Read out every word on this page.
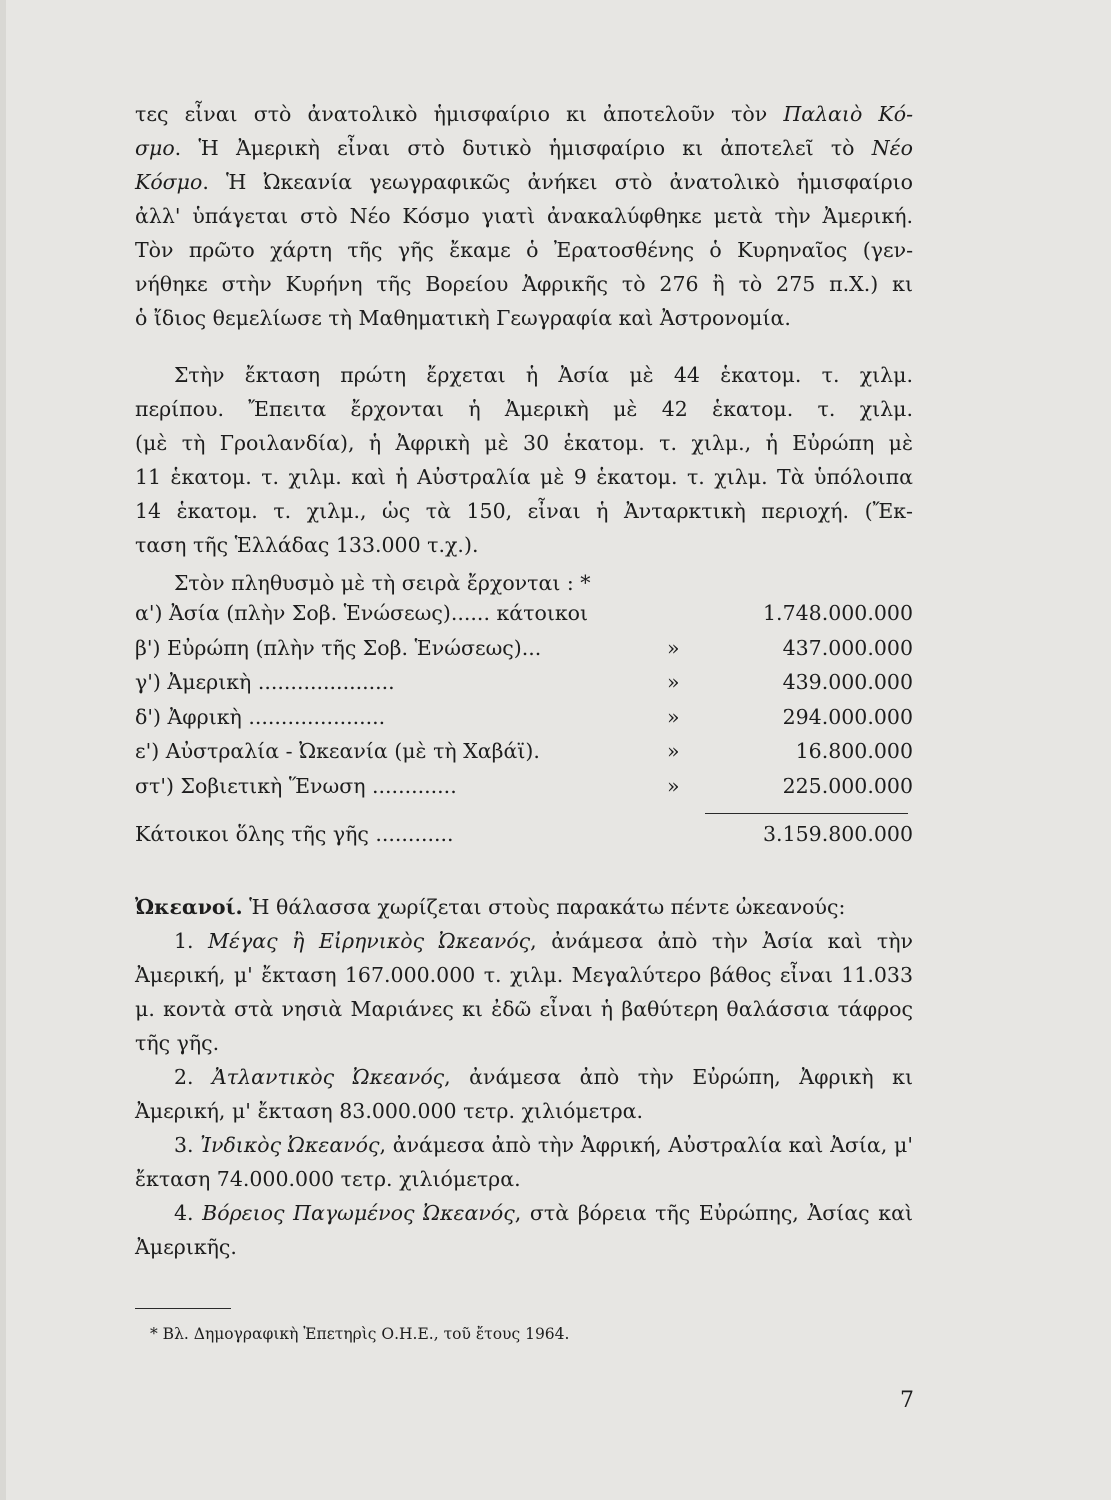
τες εἶναι στὸ ἀνατολικὸ ἡμισφαίριο κι ἀποτελοῦν τὸν Παλαιὸ Κό-

σμο. Ἡ Ἀμερικὴ εἶναι στὸ δυτικὸ ἡμισφαίριο κι ἀποτελεῖ τὸ Νέο

Κόσμο. Ἡ Ὠκεανία γεωγραφικῶς ἀνήκει στὸ ἀνατολικὸ ἡμισφαίριο

ἀλλ' ὑπάγεται στὸ Νέο Κόσμο γιατὶ ἀνακαλύφθηκε μετὰ τὴν Ἀμερική.

Τὸν πρῶτο χάρτη τῆς γῆς ἔκαμε ὁ Ἐρατοσθένης ὁ Κυρηναῖος (γεν-

νήθηκε στὴν Κυρήνη τῆς Βορείου Ἀφρικῆς τὸ 276 ἢ τὸ 275 π.Χ.) κι

ὁ ἴδιος θεμελίωσε τὴ Μαθηματικὴ Γεωγραφία καὶ Ἀστρονομία.

Στὴν ἔκταση πρώτη ἔρχεται ἡ Ἀσία μὲ 44 ἑκατομ. τ. χιλμ.

περίπου. Ἔπειτα ἔρχονται ἡ Ἀμερικὴ μὲ 42 ἑκατομ. τ. χιλμ.

(μὲ τὴ Γροιλανδία), ἡ Ἀφρικὴ μὲ 30 ἑκατομ. τ. χιλμ., ἡ Εὐρώπη μὲ

11 ἑκατομ. τ. χιλμ. καὶ ἡ Αὐστραλία μὲ 9 ἑκατομ. τ. χιλμ. Τὰ ὑπόλοιπα

14 ἑκατομ. τ. χιλμ., ὡς τὰ 150, εἶναι ἡ Ἀνταρκτικὴ περιοχή. (Ἔκ-

ταση τῆς Ἑλλάδας 133.000 τ.χ.).

Στὸν πληθυσμὸ μὲ τὴ σειρὰ ἔρχονται : *
α') Ἀσία (πλὴν Σοβ. Ἑνώσεως)...... κάτοικοι	1.748.000.000
β') Εὐρώπη (πλὴν τῆς Σοβ. Ἑνώσεως)...	»	437.000.000
γ') Ἀμερικὴ .....................	»	439.000.000
δ') Ἀφρικὴ .....................	»	294.000.000
ε') Αὐστραλία - Ὠκεανία (μὲ τὴ Χαβάϊ).	»	16.800.000
στ') Σοβιετικὴ Ἕνωση .............	»	225.000.000
Κάτοικοι ὅλης τῆς γῆς ............	3.159.800.000

Ὠκεανοί. Ἡ θάλασσα χωρίζεται στοὺς παρακάτω πέντε ὠκεανούς:

1. Μέγας ἢ Εἰρηνικὸς Ὠκεανός, ἀνάμεσα ἀπὸ τὴν Ἀσία καὶ τὴν Ἀμερική, μ' ἔκταση 167.000.000 τ. χιλμ. Μεγαλύτερο βάθος εἶναι 11.033 μ. κοντὰ στὰ νησιὰ Μαριάνες κι ἐδῶ εἶναι ἡ βαθύτερη θαλάσσια τάφρος τῆς γῆς.

2. Ἀτλαντικὸς Ὠκεανός, ἀνάμεσα ἀπὸ τὴν Εὐρώπη, Ἀφρικὴ κι Ἀμερική, μ' ἔκταση 83.000.000 τετρ. χιλιόμετρα.

3. Ἰνδικὸς Ὠκεανός, ἀνάμεσα ἀπὸ τὴν Ἀφρική, Αὐστραλία καὶ Ἀσία, μ' ἔκταση 74.000.000 τετρ. χιλιόμετρα.

4. Βόρειος Παγωμένος Ὠκεανός, στὰ βόρεια τῆς Εὐρώπης, Ἀσίας καὶ Ἀμερικῆς.

* Βλ. Δημογραφικὴ Ἐπετηρὶς Ο.Η.Ε., τοῦ ἔτους 1964.
7
